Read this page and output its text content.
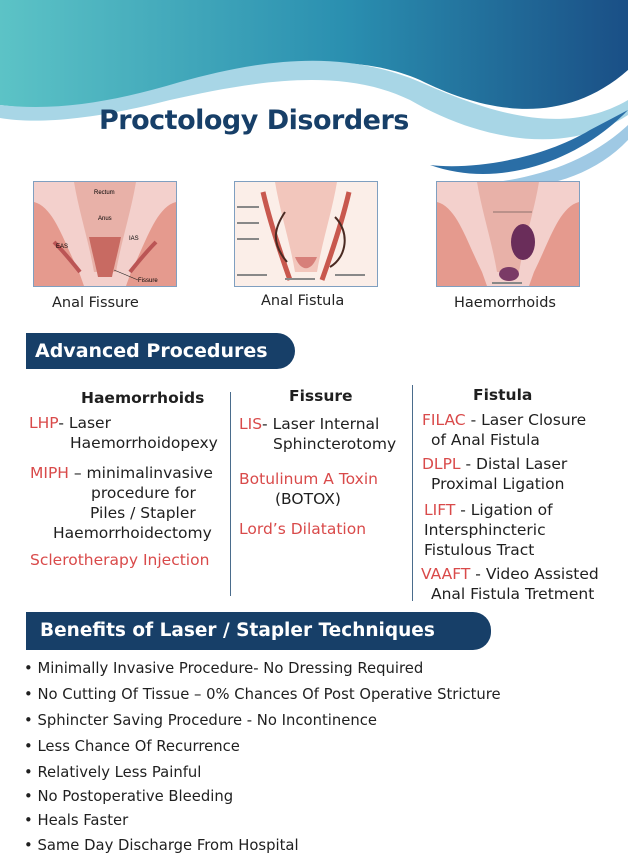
Proctology Disorders
Rectum
Anus
IAS
EAS
Fissure
Anal Fissure	Anal Fistula	Haemorrhoids
Advanced Procedures
Haemorrhoids	Fissure	Fistula
LHP- Laser
Haemorrhoidopexy
MIPH – minimalinvasive
procedure for
Piles / Stapler
Haemorrhoidectomy
Sclerotherapy Injection
LIS- Laser Internal
Sphincterotomy
Botulinum A Toxin
(BOTOX)
Lord’s Dilatation
FILAC - Laser Closure
of Anal Fistula
DLPL - Distal Laser
Proximal Ligation
LIFT - Ligation of
Intersphincteric
Fistulous Tract
VAAFT - Video Assisted
Anal Fistula Tretment
Benefits of Laser / Stapler Techniques
• Minimally Invasive Procedure- No Dressing Required
• No Cutting Of Tissue – 0% Chances Of Post Operative Stricture
• Sphincter Saving Procedure - No Incontinence
• Less Chance Of Recurrence
• Relatively Less Painful
• No Postoperative Bleeding
• Heals Faster
• Same Day Discharge From Hospital
